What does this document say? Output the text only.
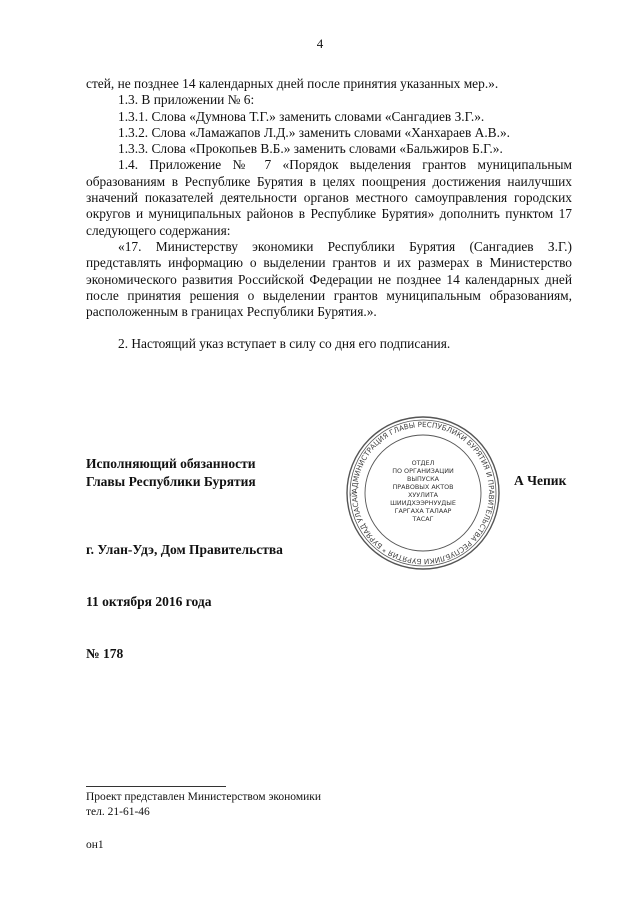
4

стей, не позднее 14 календарных дней после принятия указанных мер.».

1.3. В приложении № 6:

1.3.1. Слова «Думнова Т.Г.» заменить словами «Сангадиев З.Г.».

1.3.2. Слова «Ламажапов Л.Д.» заменить словами «Ханхараев А.В.».

1.3.3. Слова «Прокопьев В.Б.» заменить словами «Бальжиров Б.Г.».

1.4. Приложение № 7 «Порядок выделения грантов муниципальным образованиям в Республике Бурятия в целях поощрения достижения наилучших значений показателей деятельности органов местного самоуправления городских округов и муниципальных районов в Республике Бурятия» дополнить пунктом 17 следующего содержания:

«17. Министерству экономики Республики Бурятия (Сангадиев З.Г.) представлять информацию о выделении грантов и их размерах в Министерство экономического развития Российской Федерации не позднее 14 календарных дней после принятия решения о выделении грантов муниципальным образованиям, расположенным в границах Республики Бурятия.».

2. Настоящий указ вступает в силу со дня его подписания.

Исполняющий обязанности
Главы Республики Бурятия
АДМИНИСТРАЦИЯ ГЛАВЫ РЕСПУБЛИКИ БУРЯТИЯ И ПРАВИТЕЛЬСТВА РЕСПУБЛИКИ БУРЯТИЯ * БУРЯАД УЛАСАЙ
ОТДЕЛ
ПО ОРГАНИЗАЦИИ
ВЫПУСКА
ПРАВОВЫХ АКТОВ
ХУУЛИТА
ШИИДХЭЭРНУУДЫЕ
ГАРГАХА ТАЛААР
ТАСАГ
А Чепик
г. Улан-Удэ, Дом Правительства
11 октября 2016 года
№ 178

Проект представлен Министерством экономики

тел. 21-61-46

он1
